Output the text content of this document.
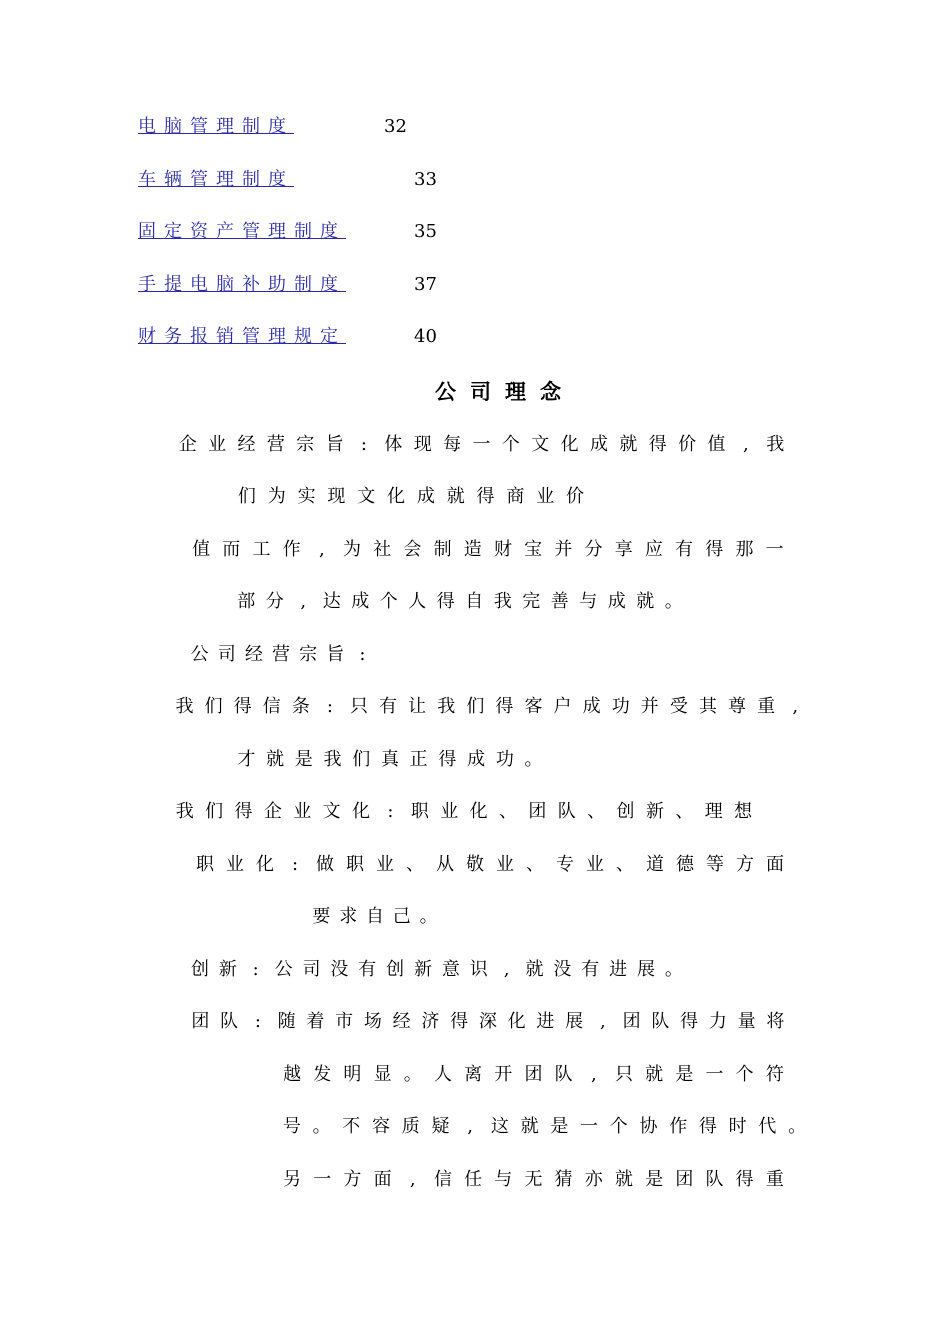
电脑管理制度	32
车辆管理制度	33
固定资产管理制度	35
手提电脑补助制度	37
财务报销管理规定	40
公司理念

企 业 经 营 宗 旨 : 体 现 每 一 个 文 化 成 就 得 价 值 , 我

们 为 实 现 文 化 成 就 得 商 业 价

值 而 工 作 , 为 社 会 制 造 财 宝 并 分 享 应 有 得 那 一

部 分 , 达 成 个 人 得 自 我 完 善 与 成 就 。

公 司 经 营 宗 旨 :

我 们 得 信 条 : 只 有 让 我 们 得 客 户 成 功 并 受 其 尊 重 ,

才 就 是 我 们 真 正 得 成 功 。

我 们 得 企 业 文 化 : 职 业 化 、 团 队 、 创 新 、 理 想

职 业 化 : 做 职 业 、 从 敬 业 、 专 业 、 道 德 等 方 面

要 求 自 己 。

创 新 : 公 司 没 有 创 新 意 识 , 就 没 有 进 展 。

团 队 : 随 着 市 场 经 济 得 深 化 进 展 , 团 队 得 力 量 将

越 发 明 显 。 人 离 开 团 队 , 只 就 是 一 个 符

号 。 不 容 质 疑 , 这 就 是 一 个 协 作 得 时 代 。

另 一 方 面 , 信 任 与 无 猜 亦 就 是 团 队 得 重
